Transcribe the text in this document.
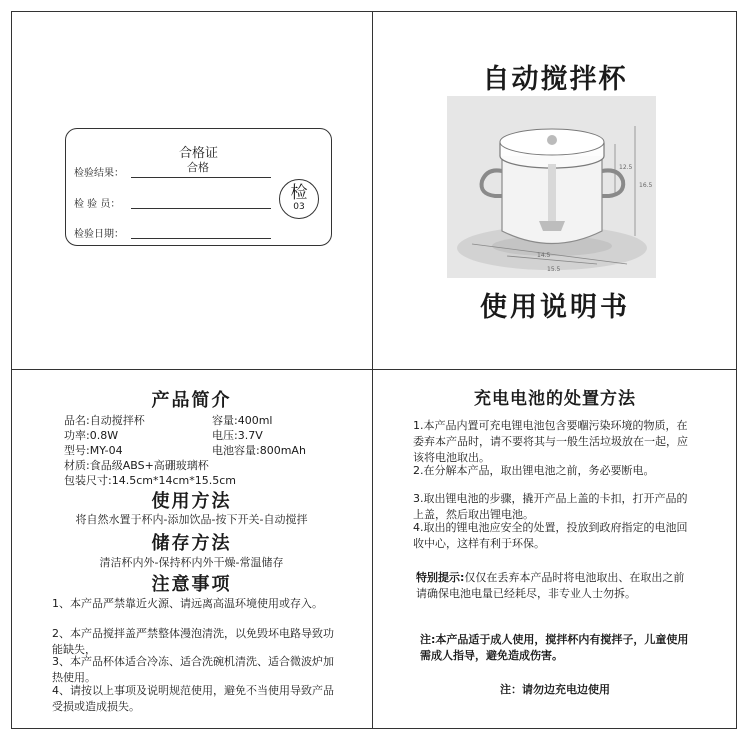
合格证
合格
检验结果：
检 验 员：
检验日期：
检
03
自动搅拌杯
12.5
16.5
14.5
15.5
使用说明书
产品简介
品名:自动搅拌杯	容量:400ml
功率:0.8W	电压:3.7V
型号:MY-04	电池容量:800mAh
材质:食品级ABS+高硼玻璃杯
包装尺寸:14.5cm*14cm*15.5cm
使用方法
将自然水置于杯内-添加饮品-按下开关-自动搅拌
储存方法
清洁杯内外-保持杯内外干燥-常温储存
注意事项
1、本产品严禁靠近火源、请远离高温环境使用或存入。
2、本产品搅拌盖严禁整体漫泡清洗，以免毁坏电路导致功能缺失，
3、本产品杯体适合冷冻、适合洗碗机清洗、适合微波炉加热使用。
4、请按以上事项及说明规范使用，避免不当使用导致产品受损或造成损失。
充电电池的处置方法
1.本产品内置可充电锂电池包含要嗰污染环境的物质，在委弃本产品时，请不要将其与一般生活垃圾放在一起，应该将电池取出。
2.在分解本产品，取出锂电池之前，务必要断电。
3.取出锂电池的步骤，撬开产品上盖的卡扣，打开产品的上盖，然后取出锂电池。
4.取出的锂电池应安全的处置，投放到政府指定的电池回收中心，这样有利于环保。
特别提示:仅仅在丢弃本产品时将电池取出、在取出之前请确保电池电量已经耗尽，非专业人士勿拆。
注:本产品适于成人使用，搅拌杯内有搅拌子，儿童使用需成人指导，避免造成伤害。
注：请勿边充电边使用
